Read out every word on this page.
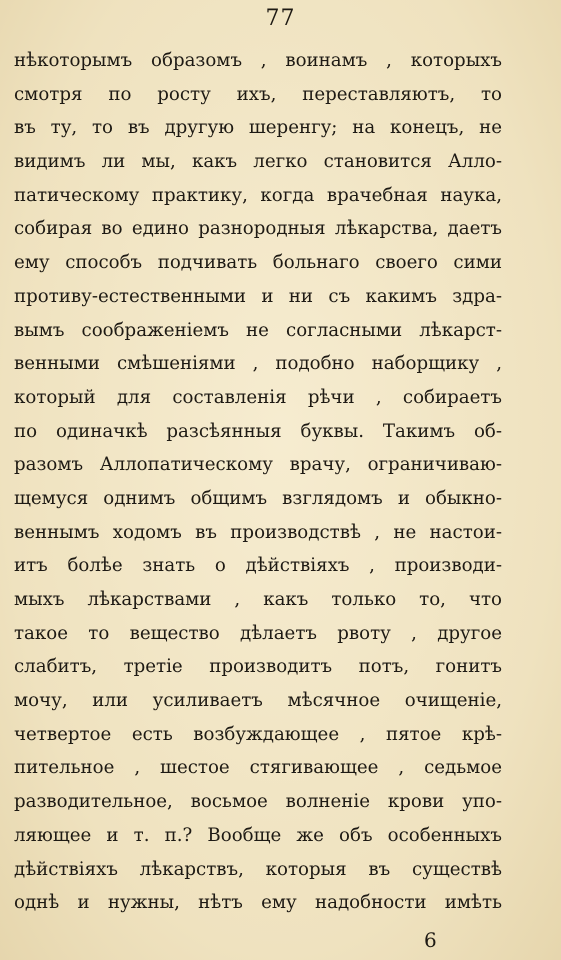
77
нѣкоторымъ образомъ , воинамъ , которыхъ
смотря по росту ихъ, переставляютъ, то
въ ту, то въ другую шеренгу; на конецъ, не
видимъ ли мы, какъ легко становится Алло-
патическому практику, когда врачебная наука,
собирая во едино разнородныя лѣкарства, даетъ
ему способъ подчивать больнаго своего сими
противу-естественными и ни съ какимъ здра-
вымъ соображенiемъ не согласными лѣкарст-
венными смѣшенiями , подобно наборщику ,
который для составленiя рѣчи , собираетъ
по одиначкѣ разсѣянныя буквы. Такимъ об-
разомъ Аллопатическому врачу, ограничиваю-
щемуся однимъ общимъ взглядомъ и обыкно-
веннымъ ходомъ въ производствѣ , не настои-
итъ болѣе знать о дѣйствiяхъ , производи-
мыхъ лѣкарствами , какъ только то, что
такое то вещество дѣлаетъ рвоту , другое
слабитъ, третiе производитъ потъ, гонитъ
мочу, или усиливаетъ мѣсячное очищенiе,
четвертое есть возбуждающее , пятое крѣ-
пительное , шестое стягивающее , седьмое
разводительное, восьмое волненiе крови упо-
ляющее и т. п.? Вообще же объ особенныхъ
дѣйствiяхъ лѣкарствъ, которыя въ существѣ
однѣ и нужны, нѣтъ ему надобности имѣть
6
